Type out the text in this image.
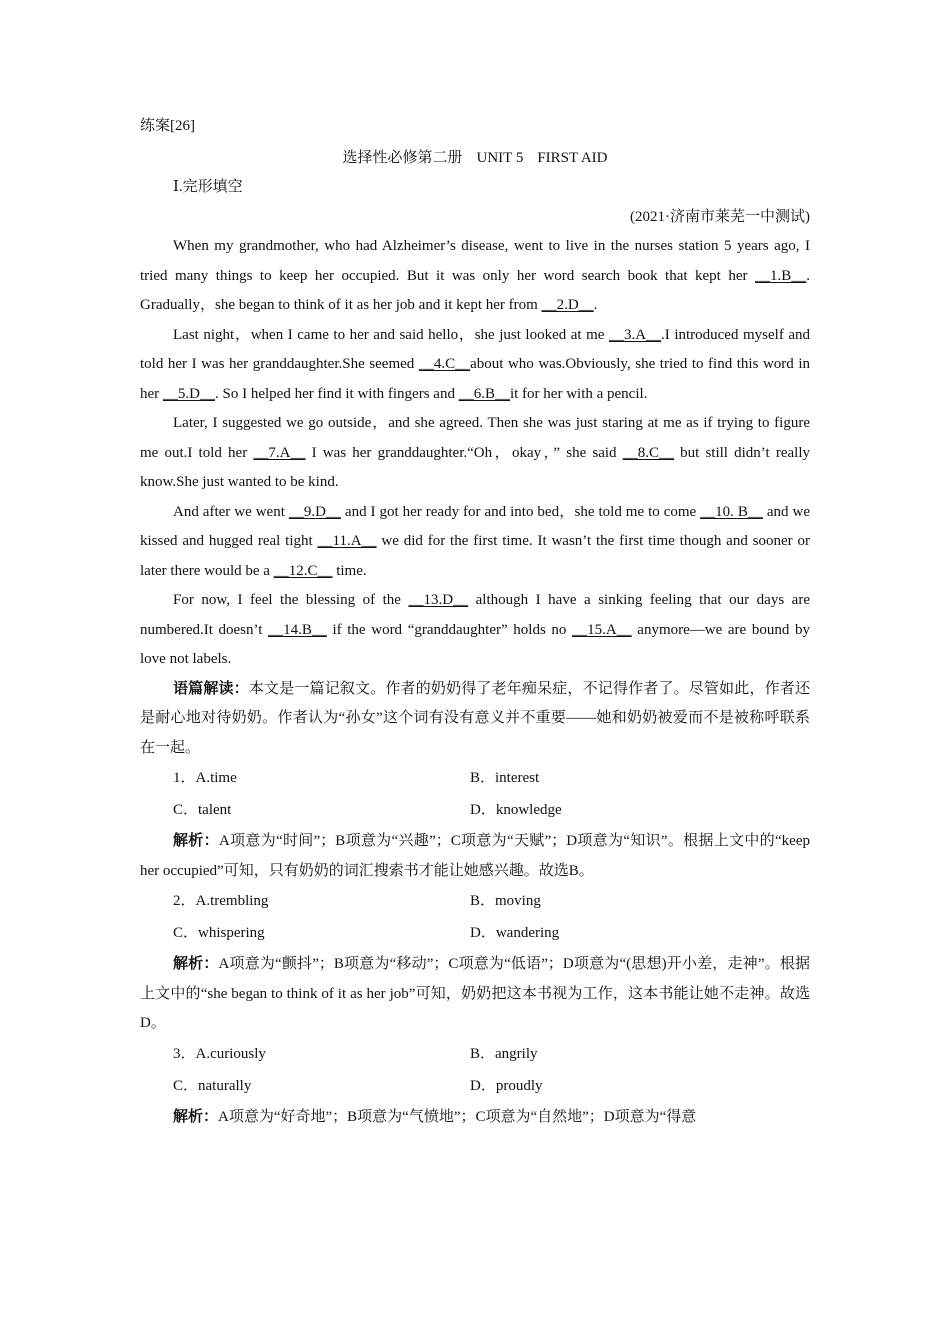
练案[26]
选择性必修第二册 UNIT 5 FIRST AID
Ⅰ.完形填空
(2021·济南市莱芜一中测试)

When my grandmother, who had Alzheimer’s disease, went to live in the nurses station 5 years ago, I tried many things to keep her occupied. But it was only her word search book that kept her __1.B__. Gradually，she began to think of it as her job and it kept her from __2.D__.

Last night，when I came to her and said hello，she just looked at me __3.A__.I introduced myself and told her I was her granddaughter.She seemed __4.C__about who was.Obviously, she tried to find this word in her __5.D__. So I helped her find it with fingers and __6.B__it for her with a pencil.

Later, I suggested we go outside，and she agreed. Then she was just staring at me as if trying to figure me out.I told her __7.A__ I was her granddaughter.“Oh，okay，” she said __8.C__ but still didn’t really know.She just wanted to be kind.

And after we went __9.D__ and I got her ready for and into bed，she told me to come __10. B__ and we kissed and hugged real tight __11.A__ we did for the first time. It wasn’t the first time though and sooner or later there would be a __12.C__ time.

For now, I feel the blessing of the __13.D__ although I have a sinking feeling that our days are numbered.It doesn’t __14.B__ if the word “granddaughter” holds no __15.A__ anymore—we are bound by love not labels.

语篇解读：本文是一篇记叙文。作者的奶奶得了老年痴呆症，不记得作者了。尽管如此，作者还是耐心地对待奶奶。作者认为“孙女”这个词有没有意义并不重要——她和奶奶被爱而不是被称呼联系在一起。

1．A.time	B．interest
C．talent	D．knowledge

解析：A项意为“时间”；B项意为“兴趣”；C项意为“天赋”；D项意为“知识”。根据上文中的“keep her occupied”可知，只有奶奶的词汇搜索书才能让她感兴趣。故选B。

2．A.trembling	B．moving
C．whispering	D．wandering

解析：A项意为“颤抖”；B项意为“移动”；C项意为“低语”；D项意为“(思想)开小差，走神”。根据上文中的“she began to think of it as her job”可知，奶奶把这本书视为工作，这本书能让她不走神。故选D。

3．A.curiously	B．angrily
C．naturally	D．proudly

解析：A项意为“好奇地”；B项意为“气愤地”；C项意为“自然地”；D项意为“得意
